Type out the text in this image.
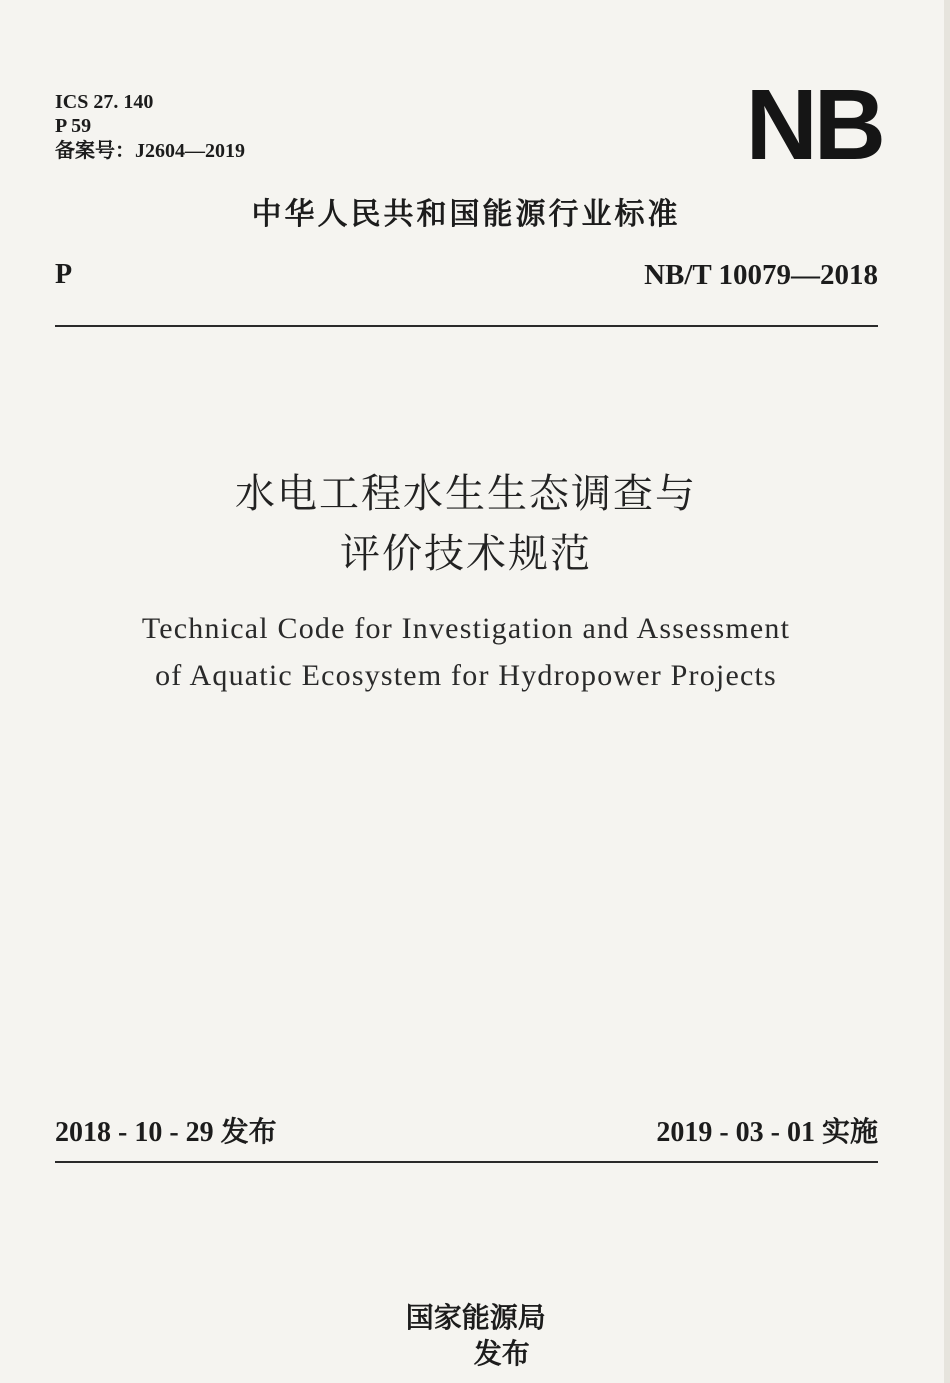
ICS 27. 140
P 59
备案号：J2604—2019	NB
中华人民共和国能源行业标准
P	NB/T 10079—2018
水电工程水生生态调查与
评价技术规范
Technical Code for Investigation and Assessment
of Aquatic Ecosystem for Hydropower Projects
2018 - 10 - 29 发布	2019 - 03 - 01 实施

国家能源局
发布
